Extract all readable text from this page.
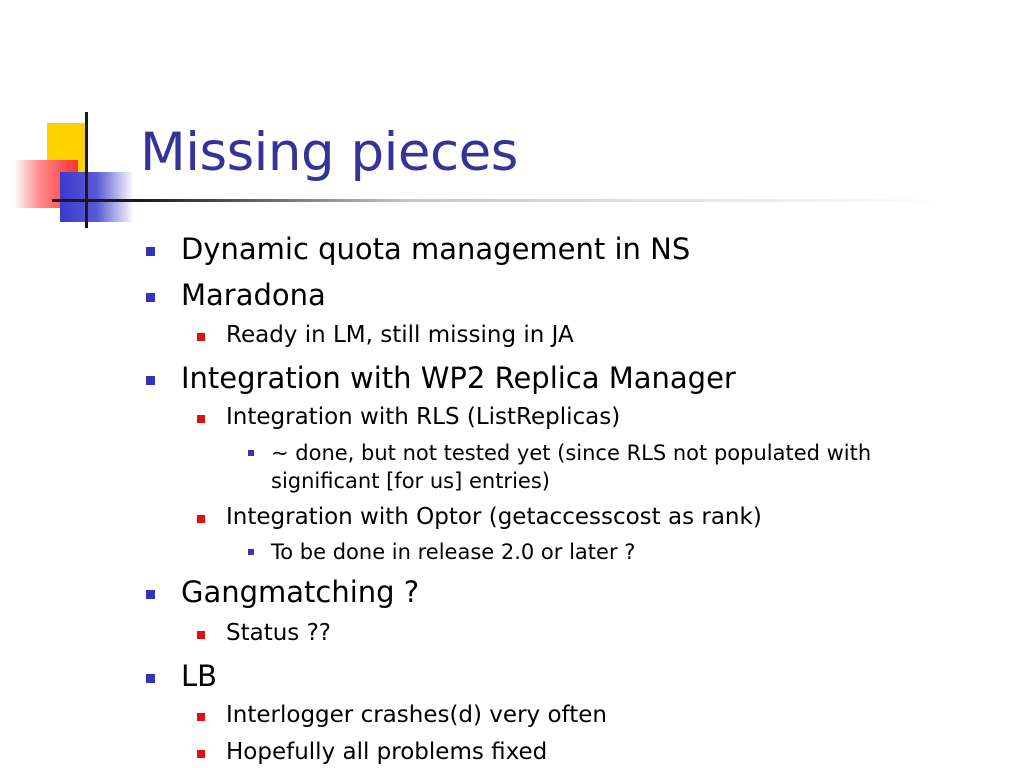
Missing pieces
Dynamic quota management in NS
Maradona
Ready in LM, still missing in JA
Integration with WP2 Replica Manager
Integration with RLS (ListReplicas)
~ done, but not tested yet (since RLS not populated with
significant [for us] entries)
Integration with Optor (getaccesscost as rank)
To be done in release 2.0 or later ?
Gangmatching ?
Status ??
LB
Interlogger crashes(d) very often
Hopefully all problems fixed
